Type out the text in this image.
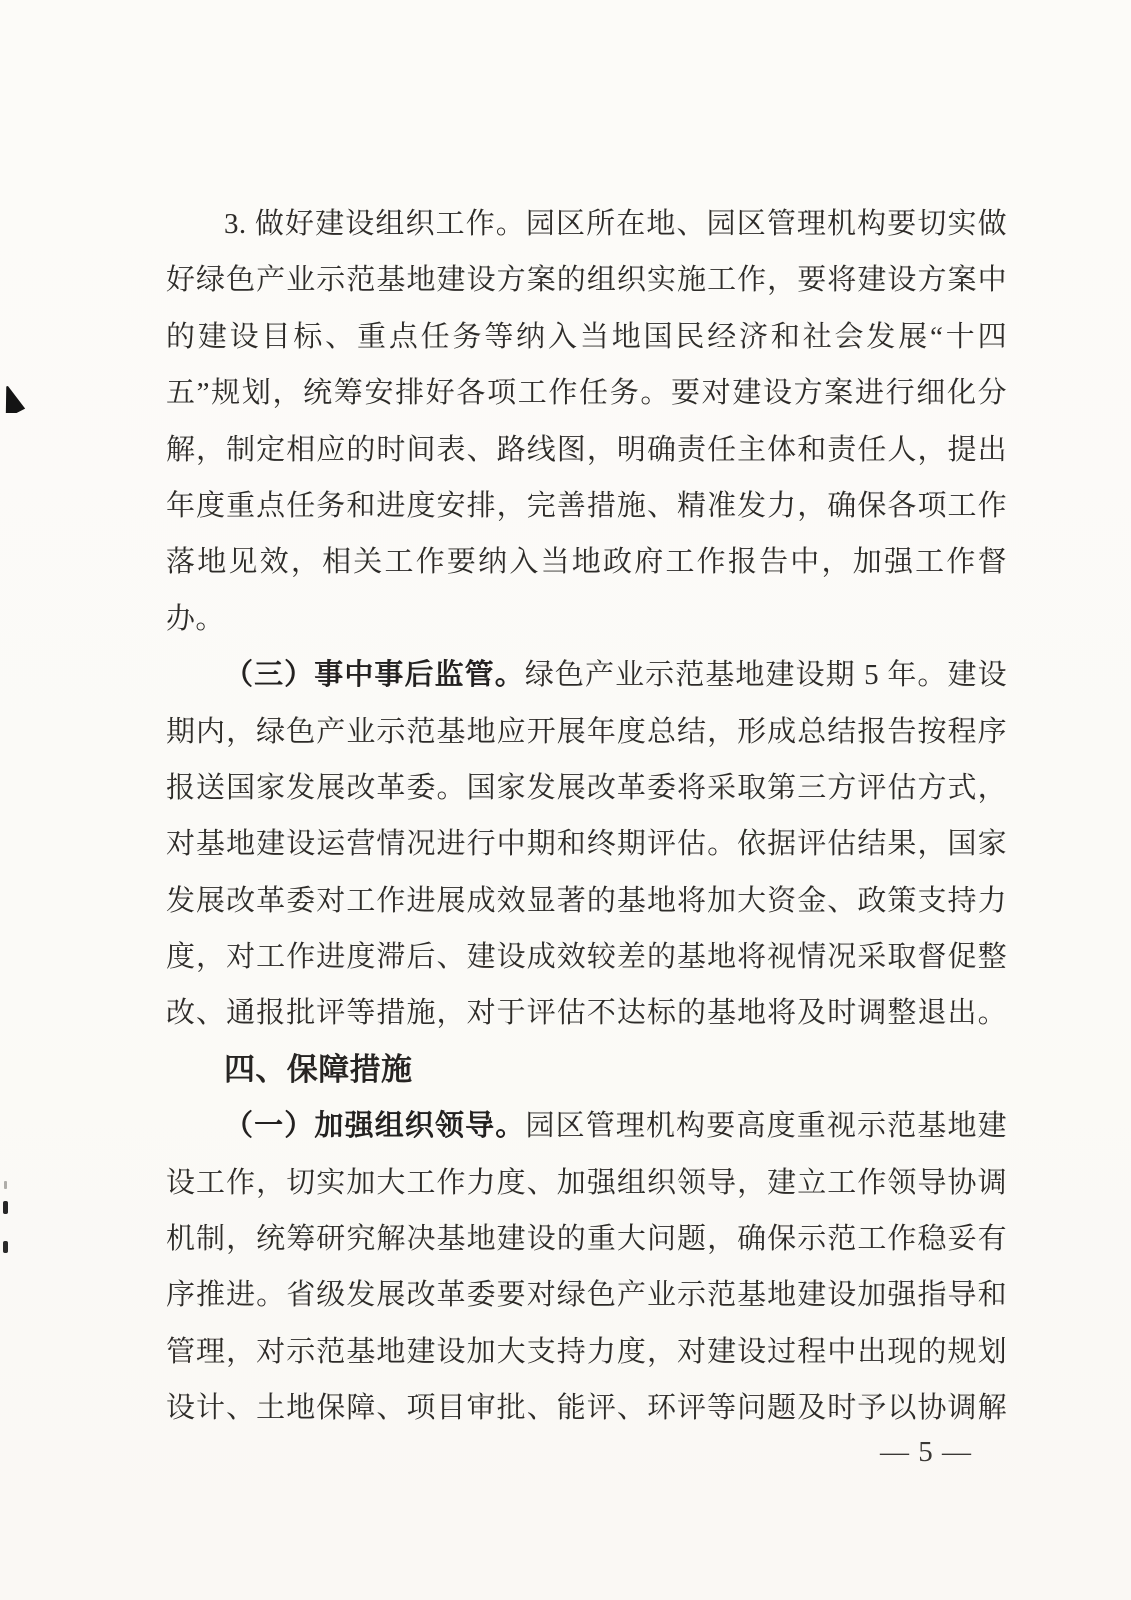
3. 做好建设组织工作。园区所在地、园区管理机构要切实做
好绿色产业示范基地建设方案的组织实施工作，要将建设方案中
的建设目标、重点任务等纳入当地国民经济和社会发展“十四
五”规划，统筹安排好各项工作任务。要对建设方案进行细化分
解，制定相应的时间表、路线图，明确责任主体和责任人，提出
年度重点任务和进度安排，完善措施、精准发力，确保各项工作
落地见效，相关工作要纳入当地政府工作报告中，加强工作督
办。
（三）事中事后监管。绿色产业示范基地建设期 5 年。建设
期内，绿色产业示范基地应开展年度总结，形成总结报告按程序
报送国家发展改革委。国家发展改革委将采取第三方评估方式，
对基地建设运营情况进行中期和终期评估。依据评估结果，国家
发展改革委对工作进展成效显著的基地将加大资金、政策支持力
度，对工作进度滞后、建设成效较差的基地将视情况采取督促整
改、通报批评等措施，对于评估不达标的基地将及时调整退出。
四、保障措施
（一）加强组织领导。园区管理机构要高度重视示范基地建
设工作，切实加大工作力度、加强组织领导，建立工作领导协调
机制，统筹研究解决基地建设的重大问题，确保示范工作稳妥有
序推进。省级发展改革委要对绿色产业示范基地建设加强指导和
管理，对示范基地建设加大支持力度，对建设过程中出现的规划
设计、土地保障、项目审批、能评、环评等问题及时予以协调解
— 5 —
